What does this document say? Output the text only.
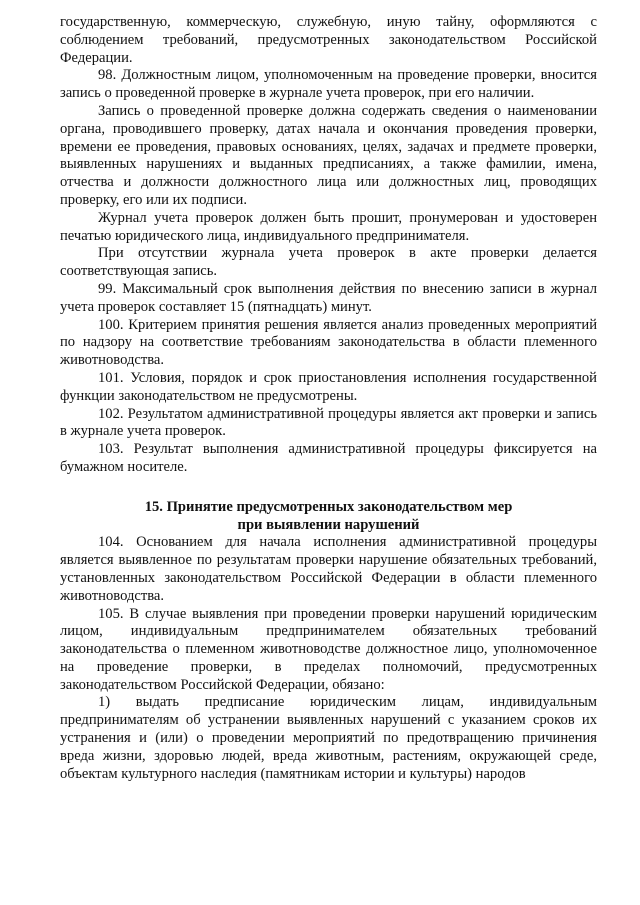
государственную, коммерческую, служебную, иную тайну, оформляются с соблюдением требований, предусмотренных законодательством Российской Федерации.

98. Должностным лицом, уполномоченным на проведение проверки, вносится запись о проведенной проверке в журнале учета проверок, при его наличии.

Запись о проведенной проверке должна содержать сведения о наименовании органа, проводившего проверку, датах начала и окончания проведения проверки, времени ее проведения, правовых основаниях, целях, задачах и предмете проверки, выявленных нарушениях и выданных предписаниях, а также фамилии, имена, отчества и должности должностного лица или должностных лиц, проводящих проверку, его или их подписи.

Журнал учета проверок должен быть прошит, пронумерован и удостоверен печатью юридического лица, индивидуального предпринимателя.

При отсутствии журнала учета проверок в акте проверки делается соответствующая запись.

99. Максимальный срок выполнения действия по внесению записи в журнал учета проверок составляет 15 (пятнадцать) минут.

100. Критерием принятия решения является анализ проведенных мероприятий по надзору на соответствие требованиям законодательства в области племенного животноводства.

101. Условия, порядок и срок приостановления исполнения государственной функции законодательством не предусмотрены.

102. Результатом административной процедуры является акт проверки и запись в журнале учета проверок.

103. Результат выполнения административной процедуры фиксируется на бумажном носителе.

15. Принятие предусмотренных законодательством мер
при выявлении нарушений

104. Основанием для начала исполнения административной процедуры является выявленное по результатам проверки нарушение обязательных требований, установленных законодательством Российской Федерации в области племенного животноводства.

105. В случае выявления при проведении проверки нарушений юридическим лицом, индивидуальным предпринимателем обязательных требований законодательства о племенном животноводстве должностное лицо, уполномоченное на проведение проверки, в пределах полномочий, предусмотренных законодательством Российской Федерации, обязано:

1) выдать предписание юридическим лицам, индивидуальным предпринимателям об устранении выявленных нарушений с указанием сроков их устранения и (или) о проведении мероприятий по предотвращению причинения вреда жизни, здоровью людей, вреда животным, растениям, окружающей среде, объектам культурного наследия (памятникам истории и культуры) народов
